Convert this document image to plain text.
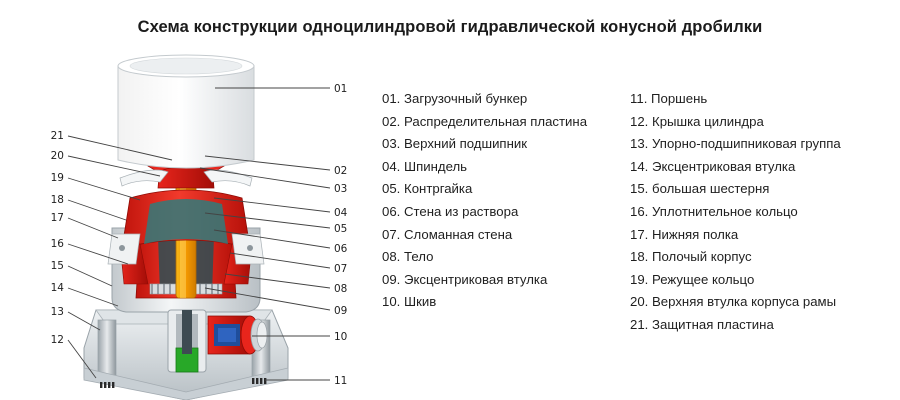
Схема конструкции одноцилиндровой гидравлической конусной дробилки
01
02
03
04
05
06
07
08
09
10
11
21
20
19
18
17
16
15
14
13
12
01. Загрузочный бункер
02. Распределительная пластина
03. Верхний подшипник
04. Шпиндель
05. Контргайка
06. Стена из раствора
07. Сломанная стена
08. Тело
09. Эксцентриковая втулка
10. Шкив
11. Поршень
12. Крышка цилиндра
13. Упорно-подшипниковая группа
14. Эксцентриковая втулка
15. большая шестерня
16. Уплотнительное кольцо
17. Нижняя полка
18. Полочый корпус
19. Режущее кольцо
20. Верхняя втулка корпуса рамы
21. Защитная пластина
